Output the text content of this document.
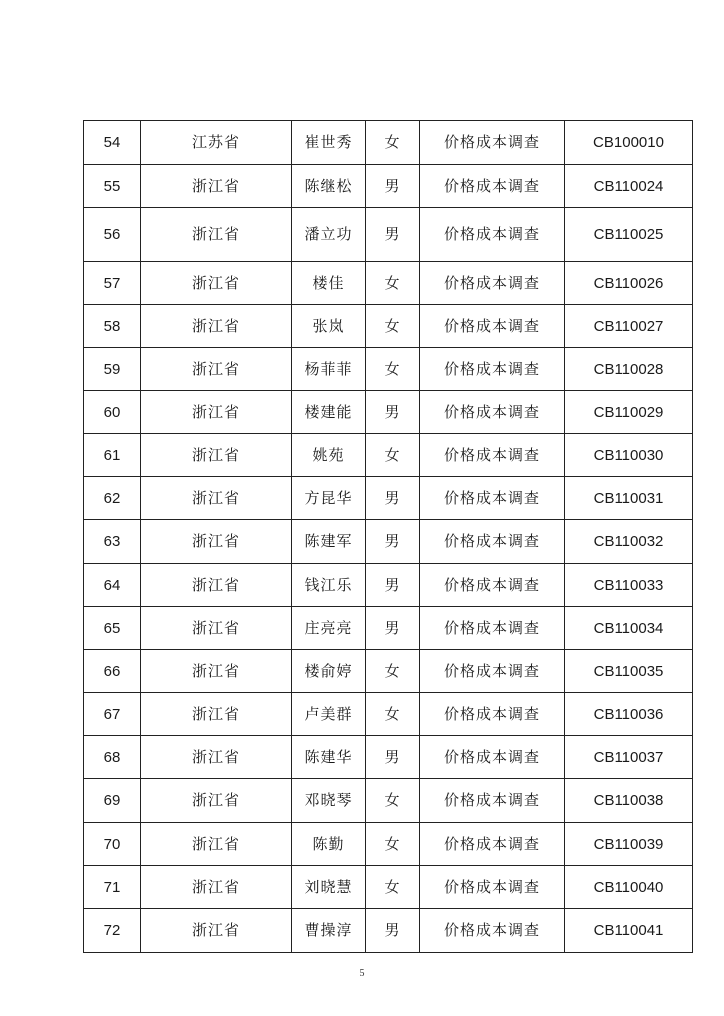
54	江苏省	崔世秀	女	价格成本调查	CB100010
55	浙江省	陈继松	男	价格成本调查	CB110024
56	浙江省	潘立功	男	价格成本调查	CB110025
57	浙江省	楼佳	女	价格成本调查	CB110026
58	浙江省	张岚	女	价格成本调查	CB110027
59	浙江省	杨菲菲	女	价格成本调查	CB110028
60	浙江省	楼建能	男	价格成本调查	CB110029
61	浙江省	姚苑	女	价格成本调查	CB110030
62	浙江省	方昆华	男	价格成本调查	CB110031
63	浙江省	陈建军	男	价格成本调查	CB110032
64	浙江省	钱江乐	男	价格成本调查	CB110033
65	浙江省	庄亮亮	男	价格成本调查	CB110034
66	浙江省	楼俞婷	女	价格成本调查	CB110035
67	浙江省	卢美群	女	价格成本调查	CB110036
68	浙江省	陈建华	男	价格成本调查	CB110037
69	浙江省	邓晓琴	女	价格成本调查	CB110038
70	浙江省	陈勤	女	价格成本调查	CB110039
71	浙江省	刘晓慧	女	价格成本调查	CB110040
72	浙江省	曹操淳	男	价格成本调查	CB110041
5
